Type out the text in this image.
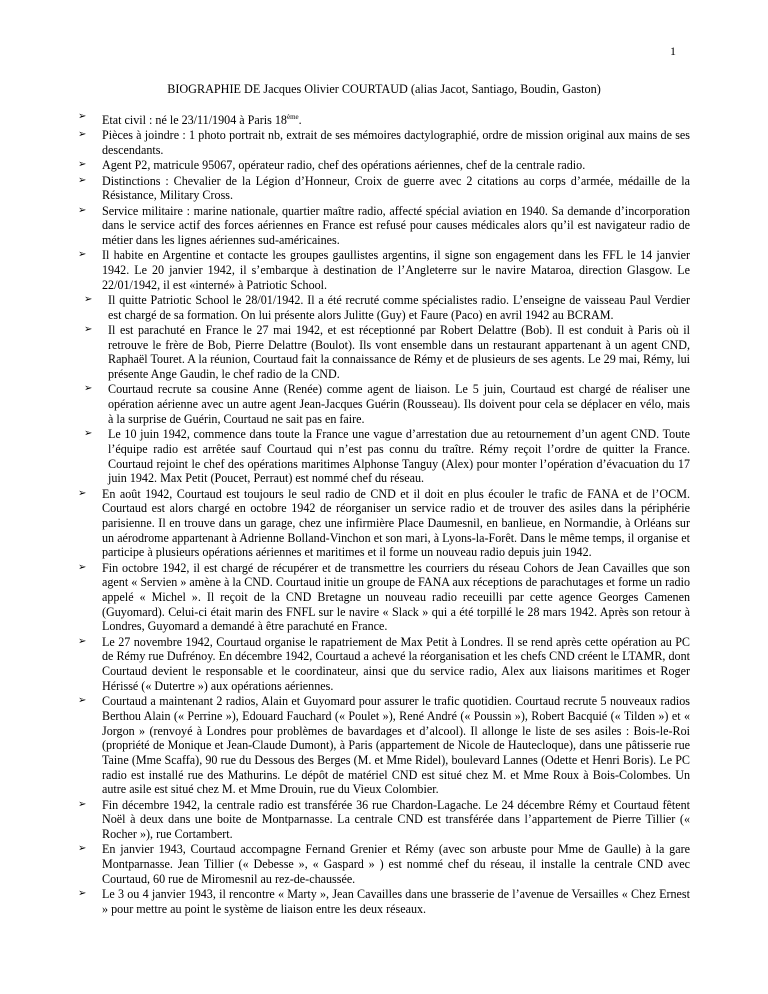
1
BIOGRAPHIE DE Jacques Olivier COURTAUD (alias Jacot, Santiago, Boudin, Gaston)
➢ Etat civil : né le 23/11/1904 à Paris 18ème.
➢ Pièces à joindre : 1 photo portrait nb, extrait de ses mémoires dactylographié, ordre de mission original aux mains de ses descendants.
➢ Agent P2, matricule 95067, opérateur radio, chef des opérations aériennes, chef de la centrale radio.
➢ Distinctions : Chevalier de la Légion d’Honneur, Croix de guerre avec 2 citations au corps d’armée, médaille de la Résistance, Military Cross.
➢ Service militaire : marine nationale, quartier maître radio, affecté spécial aviation en 1940. Sa demande d’incorporation dans le service actif des forces aériennes en France est refusé pour causes médicales alors qu’il est navigateur radio de métier dans les lignes aériennes sud-américaines.
➢ Il habite en Argentine et contacte les groupes gaullistes argentins, il signe son engagement dans les FFL le 14 janvier 1942. Le 20 janvier 1942, il s’embarque à destination de l’Angleterre sur le navire Mataroa, direction Glasgow. Le 22/01/1942, il est «interné» à Patriotic School.
➢ Il quitte Patriotic School le 28/01/1942. Il a été recruté comme spécialistes radio. L’enseigne de vaisseau Paul Verdier est chargé de sa formation. On lui présente alors Julitte (Guy) et Faure (Paco) en avril 1942 au BCRAM.
➢ Il est parachuté en France le 27 mai 1942, et est réceptionné par Robert Delattre (Bob). Il est conduit à Paris où il retrouve le frère de Bob, Pierre Delattre (Boulot). Ils vont ensemble dans un restaurant appartenant à un agent CND, Raphaël Touret. A la réunion, Courtaud fait la connaissance de Rémy et de plusieurs de ses agents. Le 29 mai, Rémy, lui présente Ange Gaudin, le chef radio de la CND.
➢ Courtaud recrute sa cousine Anne (Renée) comme agent de liaison. Le 5 juin, Courtaud est chargé de réaliser une opération aérienne avec un autre agent Jean-Jacques Guérin (Rousseau). Ils doivent pour cela se déplacer en vélo, mais à la surprise de Guérin, Courtaud ne sait pas en faire.
➢ Le 10 juin 1942, commence dans toute la France une vague d’arrestation due au retournement d’un agent CND. Toute l’équipe radio est arrêtée sauf Courtaud qui n’est pas connu du traître. Rémy reçoit l’ordre de quitter la France. Courtaud rejoint le chef des opérations maritimes Alphonse Tanguy (Alex) pour monter l’opération d’évacuation du 17 juin 1942. Max Petit (Poucet, Perraut) est nommé chef du réseau.
➢ En août 1942, Courtaud est toujours le seul radio de CND et il doit en plus écouler le trafic de FANA et de l’OCM. Courtaud est alors chargé en octobre 1942 de réorganiser un service radio et de trouver des asiles dans la périphérie parisienne. Il en trouve dans un garage, chez une infirmière Place Daumesnil, en banlieue, en Normandie, à Orléans sur un aérodrome appartenant à Adrienne Bolland-Vinchon et son mari, à Lyons-la-Forêt. Dans le même temps, il organise et participe à plusieurs opérations aériennes et maritimes et il forme un nouveau radio depuis juin 1942.
➢ Fin octobre 1942, il est chargé de récupérer et de transmettre les courriers du réseau Cohors de Jean Cavailles que son agent « Servien » amène à la CND. Courtaud initie un groupe de FANA aux réceptions de parachutages et forme un radio appelé « Michel ». Il reçoit de la CND Bretagne un nouveau radio receuilli par cette agence Georges Camenen (Guyomard). Celui-ci était marin des FNFL sur le navire « Slack » qui a été torpillé le 28 mars 1942. Après son retour à Londres, Guyomard a demandé à être parachuté en France.
➢ Le 27 novembre 1942, Courtaud organise le rapatriement de Max Petit à Londres. Il se rend après cette opération au PC de Rémy rue Dufrénoy. En décembre 1942, Courtaud a achevé la réorganisation et les chefs CND créent le LTAMR, dont Courtaud devient le responsable et le coordinateur, ainsi que du service radio, Alex aux liaisons maritimes et Roger Hérissé (« Dutertre ») aux opérations aériennes.
➢ Courtaud a maintenant 2 radios, Alain et Guyomard pour assurer le trafic quotidien. Courtaud recrute 5 nouveaux radios Berthou Alain (« Perrine »), Edouard Fauchard (« Poulet »), René André (« Poussin »), Robert Bacquié (« Tilden ») et « Jorgon » (renvoyé à Londres pour problèmes de bavardages et d’alcool). Il allonge le liste de ses asiles : Bois-le-Roi (propriété de Monique et Jean-Claude Dumont), à Paris (appartement de Nicole de Hautecloque), dans une pâtisserie rue Taine (Mme Scaffa), 90 rue du Dessous des Berges (M. et Mme Ridel), boulevard Lannes (Odette et Henri Boris). Le PC radio est installé rue des Mathurins. Le dépôt de matériel CND est situé chez M. et Mme Roux à Bois-Colombes. Un autre asile est situé chez M. et Mme Drouin, rue du Vieux Colombier.
➢ Fin décembre 1942, la centrale radio est transférée 36 rue Chardon-Lagache. Le 24 décembre Rémy et Courtaud fêtent Noël à deux dans une boite de Montparnasse. La centrale CND est transférée dans l’appartement de Pierre Tillier (« Rocher »), rue Cortambert.
➢ En janvier 1943, Courtaud accompagne Fernand Grenier et Rémy (avec son arbuste pour Mme de Gaulle) à la gare Montparnasse. Jean Tillier (« Debesse », « Gaspard » ) est nommé chef du réseau, il installe la centrale CND avec Courtaud, 60 rue de Miromesnil au rez-de-chaussée.
➢ Le 3 ou 4 janvier 1943, il rencontre « Marty », Jean Cavailles dans une brasserie de l’avenue de Versailles « Chez Ernest » pour mettre au point le système de liaison entre les deux réseaux.
